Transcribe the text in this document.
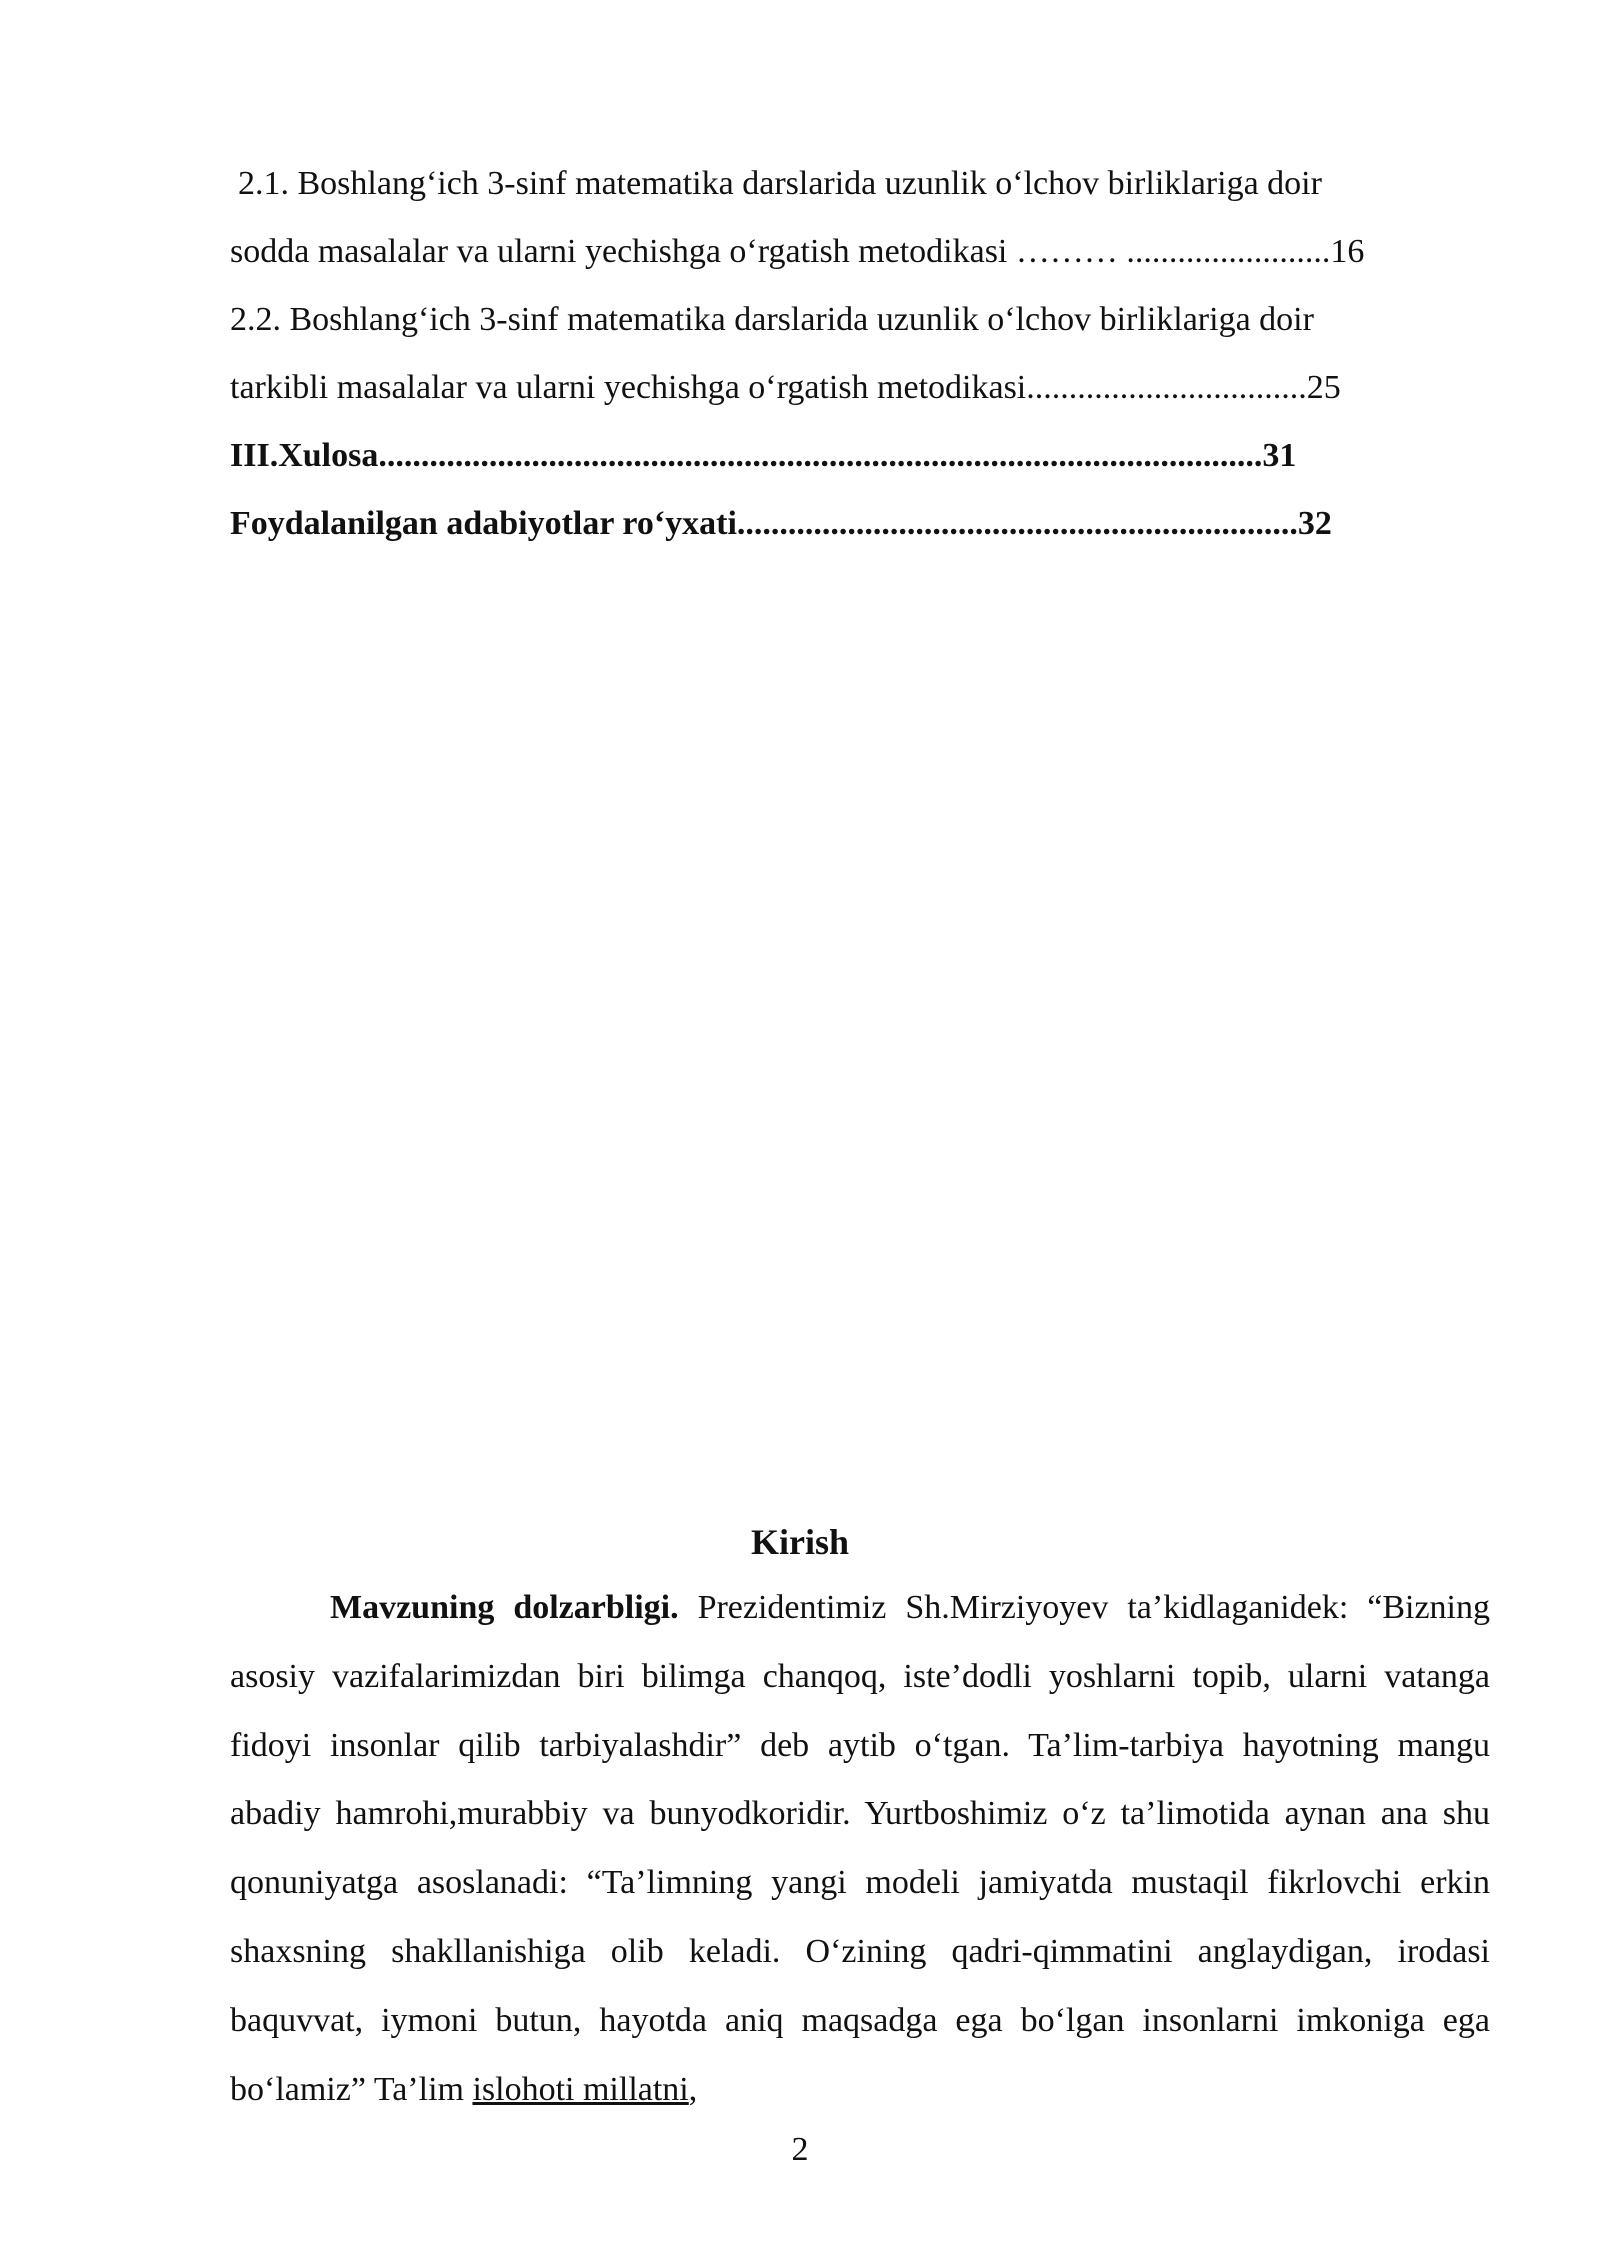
2.1. Boshlang‘ich 3-sinf matematika darslarida uzunlik o‘lchov birliklariga doir

sodda masalalar va ularni yechishga o‘rgatish metodikasi ……… ........................16

2.2. Boshlang‘ich 3-sinf matematika darslarida uzunlik o‘lchov birliklariga doir

tarkibli masalalar va ularni yechishga o‘rgatish metodikasi.................................25

III.Xulosa........................................................................................................31

Foydalanilgan adabiyotlar ro‘yxati..................................................................32

Kirish

Mavzuning dolzarbligi. Prezidentimiz Sh.Mirziyoyev ta’kidlaganidek: “Bizning asosiy vazifalarimizdan biri bilimga chanqoq, iste’dodli yoshlarni topib, ularni vatanga fidoyi insonlar qilib tarbiyalashdir” deb aytib o‘tgan. Ta’lim-tarbiya hayotning mangu abadiy hamrohi,murabbiy va bunyodkoridir. Yurtboshimiz o‘z ta’limotida aynan ana shu qonuniyatga asoslanadi: “Ta’limning yangi modeli jamiyatda mustaqil fikrlovchi erkin shaxsning shakllanishiga olib keladi. O‘zining qadri-qimmatini anglaydigan, irodasi baquvvat, iymoni butun, hayotda aniq maqsadga ega bo‘lgan insonlarni imkoniga ega bo‘lamiz” Ta’lim islohoti millatni,

2
